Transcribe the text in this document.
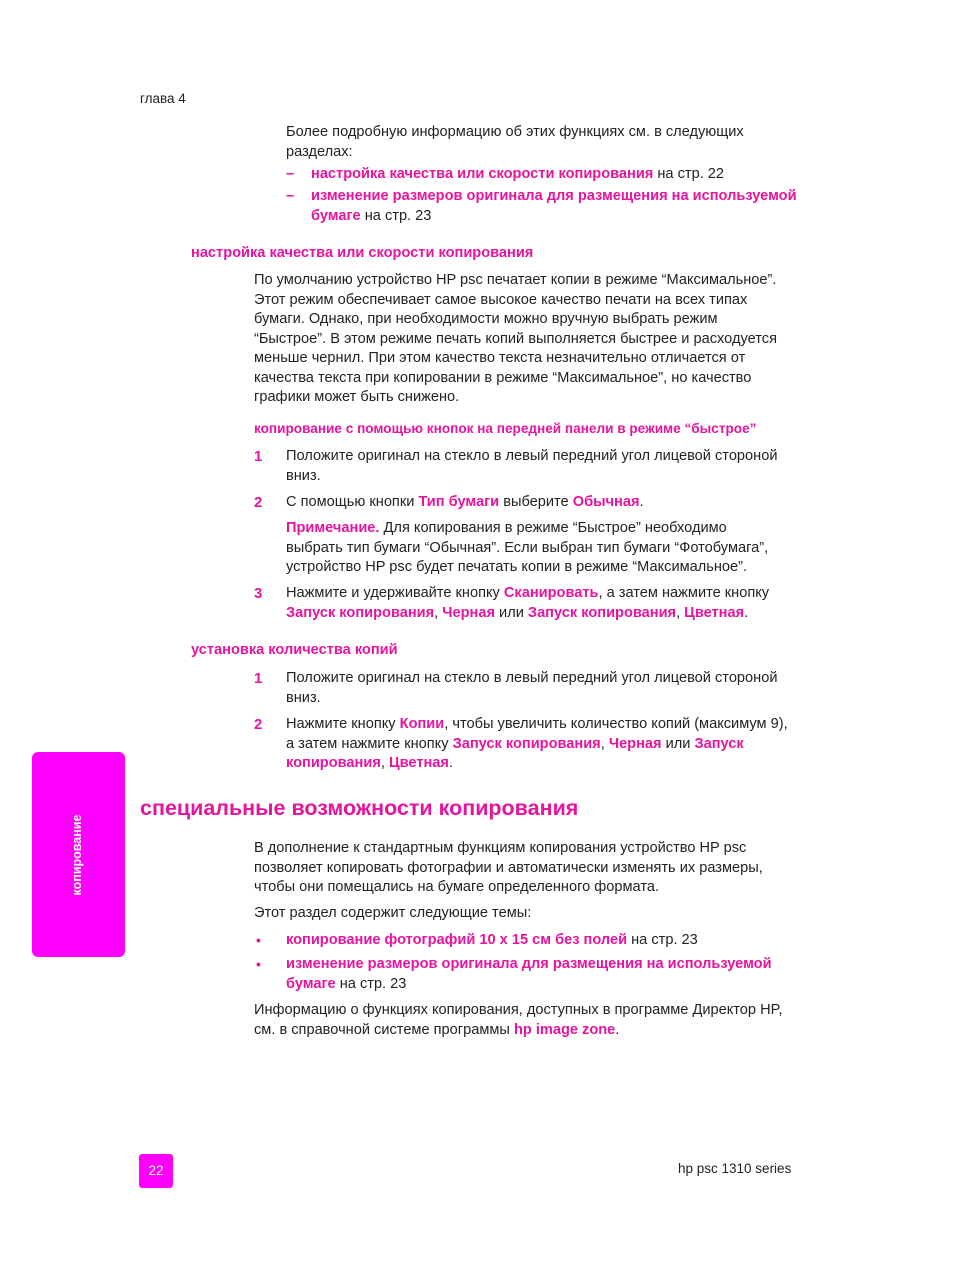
глава 4
Более подробную информацию об этих функциях см. в следующих разделах:
–	настройка качества или скорости копирования на стр. 22
–	изменение размеров оригинала для размещения на используемой
бумаге на стр. 23
настройка качества или скорости копирования
По умолчанию устройство HP psc печатает копии в режиме “Максимальное”.
Этот режим обеспечивает самое высокое качество печати на всех типах
бумаги. Однако, при необходимости можно вручную выбрать режим
“Быстрое”. В этом режиме печать копий выполняется быстрее и расходуется
меньше чернил. При этом качество текста незначительно отличается от
качества текста при копировании в режиме “Максимальное”, но качество
графики может быть снижено.
копирование с помощью кнопок на передней панели в режиме “быстрое”
1 Положите оригинал на стекло в левый передний угол лицевой стороной
вниз.
2 С помощью кнопки Тип бумаги выберите Обычная.
Примечание. Для копирования в режиме “Быстрое” необходимо
выбрать тип бумаги “Обычная”. Если выбран тип бумаги “Фотобумага”,
устройство HP psc будет печатать копии в режиме “Максимальное”.
3 Нажмите и удерживайте кнопку Сканировать, а затем нажмите кнопку
Запуск копирования, Черная или Запуск копирования, Цветная.
установка количества копий
1 Положите оригинал на стекло в левый передний угол лицевой стороной
вниз.
2 Нажмите кнопку Копии, чтобы увеличить количество копий (максимум 9),
а затем нажмите кнопку Запуск копирования, Черная или Запуск
копирования, Цветная.
копирование
специальные возможности копирования
В дополнение к стандартным функциям копирования устройство HP psc
позволяет копировать фотографии и автоматически изменять их размеры,
чтобы они помещались на бумаге определенного формата.
Этот раздел содержит следующие темы:
• копирование фотографий 10 x 15 см без полей на стр. 23
• изменение размеров оригинала для размещения на используемой
бумаге на стр. 23
Информацию о функциях копирования, доступных в программе Директор HP,
см. в справочной системе программы hp image zone.
22	hp psc 1310 series
